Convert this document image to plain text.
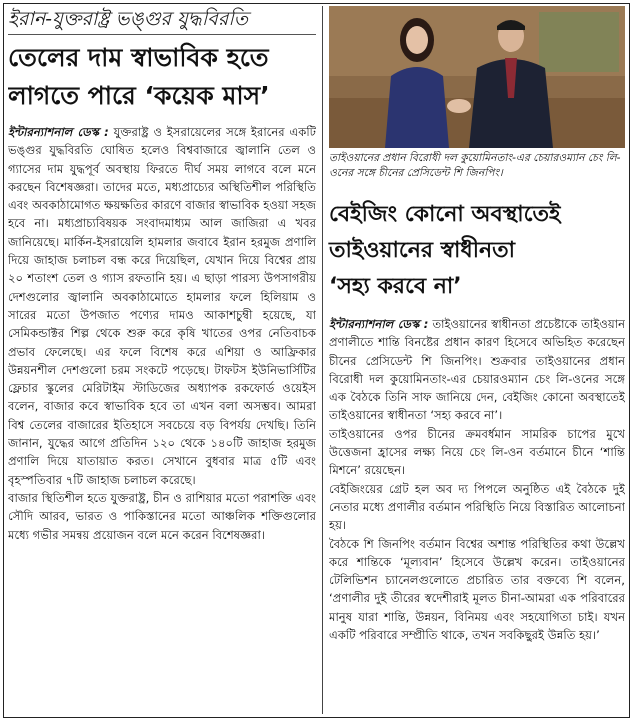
ইরান-যুক্তরাষ্ট্র ভঙ্গুর যুদ্ধবিরতি
তেলের দাম স্বাভাবিক হতে
লাগতে পারে ‘কয়েক মাস’

ইন্টারন্যাশনাল ডেস্ক : যুক্তরাষ্ট্র ও ইসরায়েলের সঙ্গে ইরানের একটি ভঙ্গুর যুদ্ধবিরতি ঘোষিত হলেও বিশ্ববাজারে জ্বালানি তেল ও গ্যাসের দাম যুদ্ধপূর্ব অবস্থায় ফিরতে দীর্ঘ সময় লাগবে বলে মনে করছেন বিশেষজ্ঞরা। তাদের মতে, মধ্যপ্রাচ্যের অস্থিতিশীল পরিস্থিতি এবং অবকাঠামোগত ক্ষয়ক্ষতির কারণে বাজার স্বাভাবিক হওয়া সহজ হবে না। মধ্যপ্রাচ্যবিষয়ক সংবাদমাধ্যম আল জাজিরা এ খবর জানিয়েছে। মার্কিন-ইসরায়েলি হামলার জবাবে ইরান হরমুজ প্রণালি দিয়ে জাহাজ চলাচল বন্ধ করে দিয়েছিল, যেখান দিয়ে বিশ্বের প্রায় ২০ শতাংশ তেল ও গ্যাস রফতানি হয়। এ ছাড়া পারস্য উপসাগরীয় দেশগুলোর জ্বালানি অবকাঠামোতে হামলার ফলে হিলিয়াম ও সারের মতো উপজাত পণ্যের দামও আকাশচুম্বী হয়েছে, যা সেমিকন্ডাক্টর শিল্প থেকে শুরু করে কৃষি খাতের ওপর নেতিবাচক প্রভাব ফেলেছে। এর ফলে বিশেষ করে এশিয়া ও আফ্রিকার উন্নয়নশীল দেশগুলো চরম সংকটে পড়েছে। টাফটস ইউনিভার্সিটির ফ্লেচার স্কুলের মেরিটাইম স্টাডিজের অধ্যাপক রকফোর্ড ওয়েইস বলেন, বাজার কবে স্বাভাবিক হবে তা এখন বলা অসম্ভব। আমরা বিশ্ব তেলের বাজারের ইতিহাসে সবচেয়ে বড় বিপর্যয় দেখছি। তিনি জানান, যুদ্ধের আগে প্রতিদিন ১২০ থেকে ১৪০টি জাহাজ হরমুজ প্রণালি দিয়ে যাতায়াত করত। সেখানে বুধবার মাত্র ৫টি এবং বৃহস্পতিবার ৭টি জাহাজ চলাচল করেছে।

বাজার স্থিতিশীল হতে যুক্তরাষ্ট্র, চীন ও রাশিয়ার মতো পরাশক্তি এবং সৌদি আরব, ভারত ও পাকিস্তানের মতো আঞ্চলিক শক্তিগুলোর মধ্যে গভীর সমন্বয় প্রয়োজন বলে মনে করেন বিশেষজ্ঞরা।

তাইওয়ানের প্রধান বিরোধী দল কুয়োমিনতাং-এর চেয়ারওম্যান চেং লি-ওনের সঙ্গে চীনের প্রেসিডেন্ট শি জিনপিং।
বেইজিং কোনো অবস্থাতেই
তাইওয়ানের স্বাধীনতা
‘সহ্য করবে না’

ইন্টারন্যাশনাল ডেস্ক : তাইওয়ানের স্বাধীনতা প্রচেষ্টাকে তাইওয়ান প্রণালীতে শান্তি বিনষ্টের প্রধান কারণ হিসেবে অভিহিত করেছেন চীনের প্রেসিডেন্ট শি জিনপিং। শুক্রবার তাইওয়ানের প্রধান বিরোধী দল কুয়োমিনতাং-এর চেয়ারওম্যান চেং লি-ওনের সঙ্গে এক বৈঠকে তিনি সাফ জানিয়ে দেন, বেইজিং কোনো অবস্থাতেই তাইওয়ানের স্বাধীনতা ‘সহ্য করবে না’।

তাইওয়ানের ওপর চীনের ক্রমবর্ধমান সামরিক চাপের মুখে উত্তেজনা হ্রাসের লক্ষ্য নিয়ে চেং লি-ওন বর্তমানে চীনে ‘শান্তি মিশনে’ রয়েছেন।

বেইজিংয়ের গ্রেট হল অব দ্য পিপলে অনুষ্ঠিত এই বৈঠকে দুই নেতার মধ্যে প্রণালীর বর্তমান পরিস্থিতি নিয়ে বিস্তারিত আলোচনা হয়।

বৈঠকে শি জিনপিং বর্তমান বিশ্বের অশান্ত পরিস্থিতির কথা উল্লেখ করে শান্তিকে ‘মূল্যবান’ হিসেবে উল্লেখ করেন। তাইওয়ানের টেলিভিশন চ্যানেলগুলোতে প্রচারিত তার বক্তব্যে শি বলেন, ‘প্রণালীর দুই তীরের স্বদেশীরাই মূলত চীনা-আমরা এক পরিবারের মানুষ যারা শান্তি, উন্নয়ন, বিনিময় এবং সহযোগিতা চাই। যখন একটি পরিবারে সম্প্রীতি থাকে, তখন সবকিছুরই উন্নতি হয়।’
